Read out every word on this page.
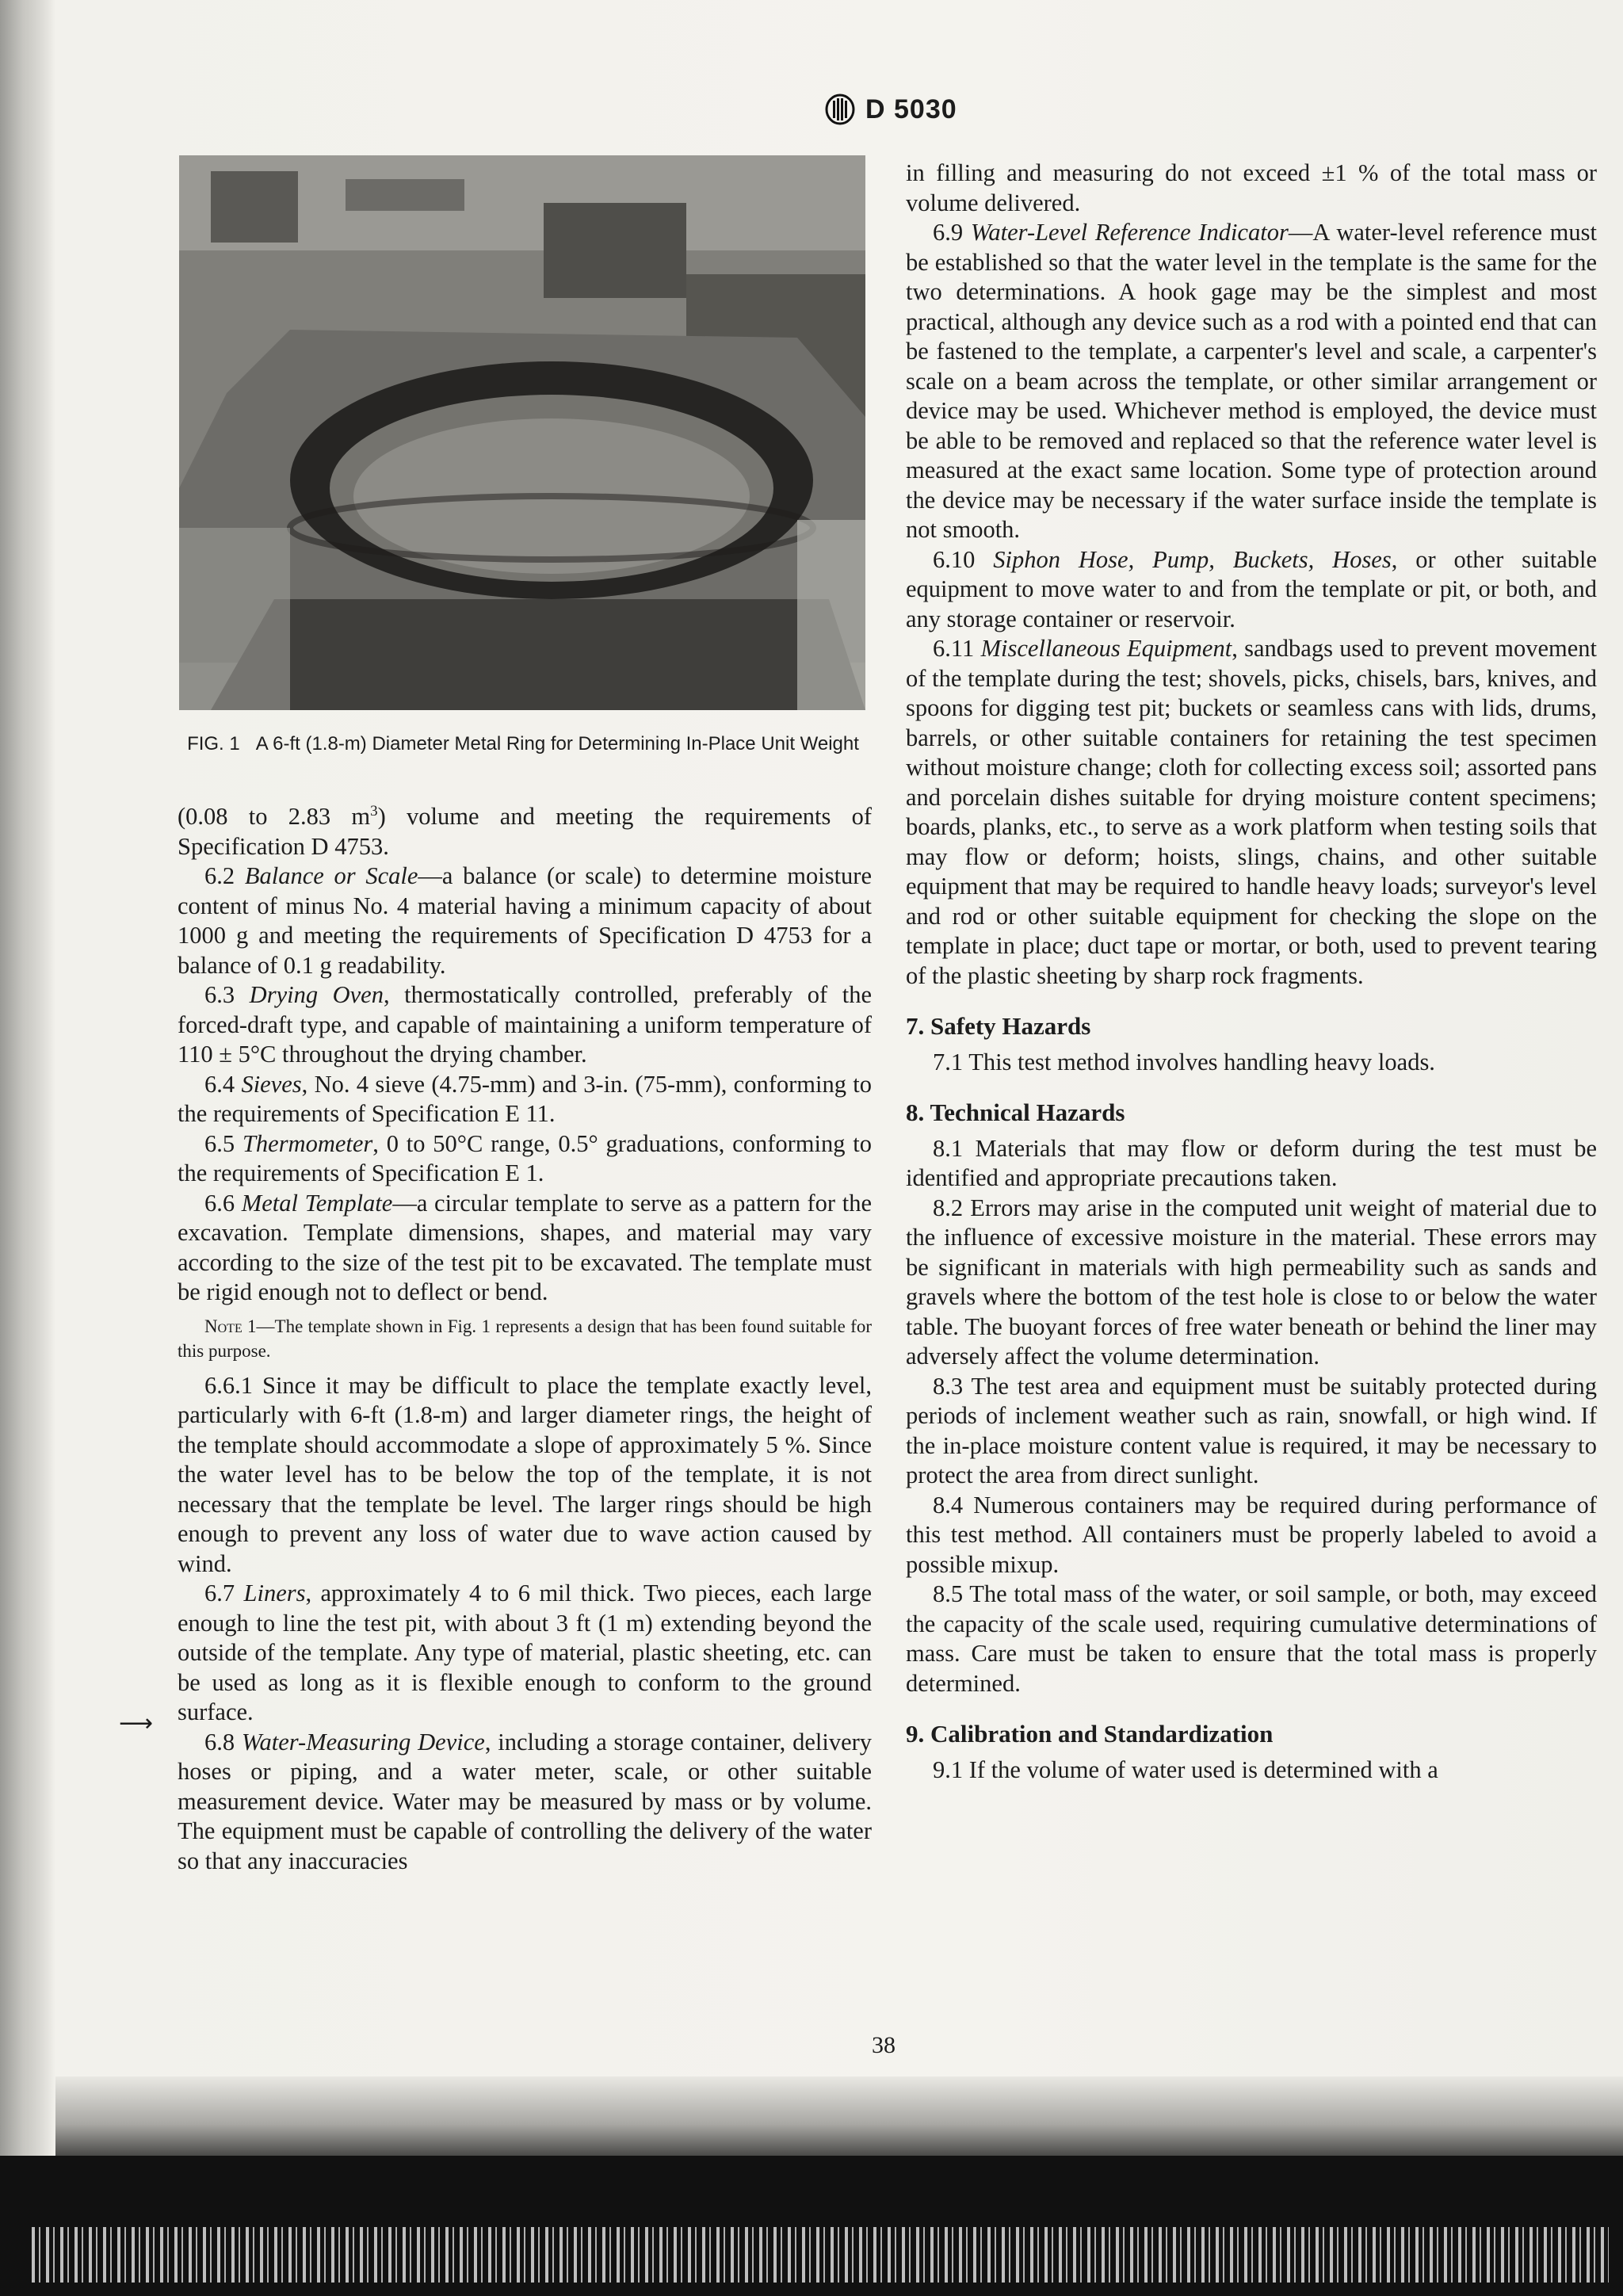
D 5030
FIG. 1 A 6-ft (1.8-m) Diameter Metal Ring for Determining In-Place Unit Weight

(0.08 to 2.83 $m^3$) volume and meeting the requirements of Specification D 4753.

6.2 Balance or Scale—a balance (or scale) to determine moisture content of minus No. 4 material having a minimum capacity of about 1000 g and meeting the requirements of Specification D 4753 for a balance of 0.1 g readability.

6.3 Drying Oven, thermostatically controlled, preferably of the forced-draft type, and capable of maintaining a uniform temperature of 110 ± 5°C throughout the drying chamber.

6.4 Sieves, No. 4 sieve (4.75-mm) and 3-in. (75-mm), conforming to the requirements of Specification E 11.

6.5 Thermometer, 0 to 50°C range, 0.5° graduations, conforming to the requirements of Specification E 1.

6.6 Metal Template—a circular template to serve as a pattern for the excavation. Template dimensions, shapes, and material may vary according to the size of the test pit to be excavated. The template must be rigid enough not to deflect or bend.

Note 1—The template shown in Fig. 1 represents a design that has been found suitable for this purpose.

6.6.1 Since it may be difficult to place the template exactly level, particularly with 6-ft (1.8-m) and larger diameter rings, the height of the template should accommodate a slope of approximately 5 %. Since the water level has to be below the top of the template, it is not necessary that the template be level. The larger rings should be high enough to prevent any loss of water due to wave action caused by wind.

6.7 Liners, approximately 4 to 6 mil thick. Two pieces, each large enough to line the test pit, with about 3 ft (1 m) extending beyond the outside of the template. Any type of material, plastic sheeting, etc. can be used as long as it is flexible enough to conform to the ground surface.

6.8 Water-Measuring Device, including a storage container, delivery hoses or piping, and a water meter, scale, or other suitable measurement device. Water may be measured by mass or by volume. The equipment must be capable of controlling the delivery of the water so that any inaccuracies

⟶

in filling and measuring do not exceed ±1 % of the total mass or volume delivered.

6.9 Water-Level Reference Indicator—A water-level reference must be established so that the water level in the template is the same for the two determinations. A hook gage may be the simplest and most practical, although any device such as a rod with a pointed end that can be fastened to the template, a carpenter's level and scale, a carpenter's scale on a beam across the template, or other similar arrangement or device may be used. Whichever method is employed, the device must be able to be removed and replaced so that the reference water level is measured at the exact same location. Some type of protection around the device may be necessary if the water surface inside the template is not smooth.

6.10 Siphon Hose, Pump, Buckets, Hoses, or other suitable equipment to move water to and from the template or pit, or both, and any storage container or reservoir.

6.11 Miscellaneous Equipment, sandbags used to prevent movement of the template during the test; shovels, picks, chisels, bars, knives, and spoons for digging test pit; buckets or seamless cans with lids, drums, barrels, or other suitable containers for retaining the test specimen without moisture change; cloth for collecting excess soil; assorted pans and porcelain dishes suitable for drying moisture content specimens; boards, planks, etc., to serve as a work platform when testing soils that may flow or deform; hoists, slings, chains, and other suitable equipment that may be required to handle heavy loads; surveyor's level and rod or other suitable equipment for checking the slope on the template in place; duct tape or mortar, or both, used to prevent tearing of the plastic sheeting by sharp rock fragments.

7. Safety Hazards

7.1 This test method involves handling heavy loads.

8. Technical Hazards

8.1 Materials that may flow or deform during the test must be identified and appropriate precautions taken.

8.2 Errors may arise in the computed unit weight of material due to the influence of excessive moisture in the material. These errors may be significant in materials with high permeability such as sands and gravels where the bottom of the test hole is close to or below the water table. The buoyant forces of free water beneath or behind the liner may adversely affect the volume determination.

8.3 The test area and equipment must be suitably protected during periods of inclement weather such as rain, snowfall, or high wind. If the in-place moisture content value is required, it may be necessary to protect the area from direct sunlight.

8.4 Numerous containers may be required during performance of this test method. All containers must be properly labeled to avoid a possible mixup.

8.5 The total mass of the water, or soil sample, or both, may exceed the capacity of the scale used, requiring cumulative determinations of mass. Care must be taken to ensure that the total mass is properly determined.

9. Calibration and Standardization

9.1 If the volume of water used is determined with a

38
